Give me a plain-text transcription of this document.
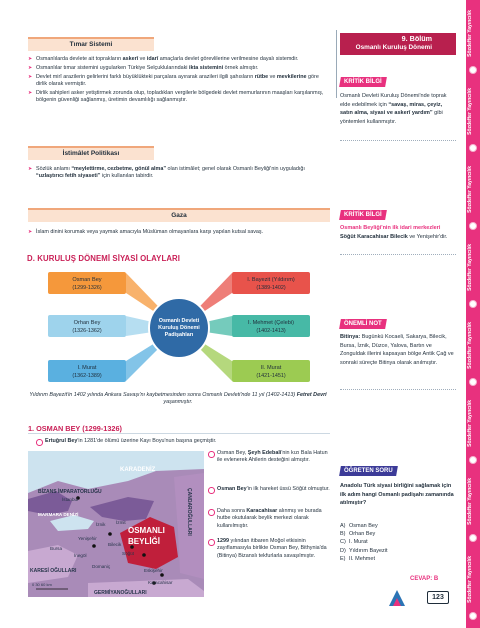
Tımar Sistemi
➤ Osmanlılarda devlete ait toprakların askerî ve idarî amaçlarla devlet görevlilerine verilmesine dayalı sistemdir.
➤ Osmanlılar tımar sistemini uygularken Türkiye Selçuklularındaki ikta sistemini örnek almıştır.
➤ Devlet mirî arazilerin gelirlerini farklı büyüklükteki parçalara ayırarak arazileri ilgili şahısların rütbe ve mevkilerine göre dirlik olarak vermiştir.
➤ Dirlik sahipleri asker yetiştirmek zorunda olup, topladıkları vergilerle bölgedeki devlet memurlarının maaşları karşılanmış, bölgenin güvenliği sağlanmış, üretimin devamlılığı sağlanmıştır.
İstimâlet Politikası
➤ Sözlük anlamı “meylettirme, cezbetme, gönül alma” olan istimâlet; genel olarak Osmanlı Beyliği'nin uyguladığı “uzlaştırıcı fetih siyaseti” için kullanılan tabirdir.
Gaza
➤ İslam dinini korumak veya yaymak amacıyla Müslüman olmayanlara karşı yapılan kutsal savaş.
D. KURULUŞ DÖNEMİ SİYASİ OLAYLARI
Osmanlı Devleti
Kuruluş Dönemi
Padişahları
Osman Bey
(1299-1326)
Orhan Bey
(1326-1362)
I. Murat
(1362-1389)
I. Bayezit (Yıldırım)
(1389-1402)
I. Mehmet (Çelebi)
(1402-1413)
II. Murat
(1421-1451)
Yıldırım Bayezit'in 1402 yılında Ankara Savaşı'nı kaybetmesinden sonra Osmanlı Devleti'nde 11 yıl (1402-1413) Fetret Devri yaşanmıştır.
1. OSMAN BEY (1299-1326)
Ertuğrul Bey'in 1281'de ölümü üzerine Kayı Boyu'nun başına geçmiştir.
KARADENİZ
BİZANS İMPARATORLUĞU
İstanbul
MARMARA DENİZİ
İzmit
İznik
Bursa
Yenişehir
Bilecik
İnegöl	Söğüt
OSMANLI
BEYLİĞİ
Domaniç
Eskişehir
Karacahisar
KARESİ OĞULLARI
GERMİYANOĞULLARI
ÇANDAROĞULLARI
0 30 60 km
Osman Bey, Şeyh Edebali'nin kızı Bala Hatun ile evlenerek Ahilerin desteğini almıştır.
Osman Bey'in ilk hareket üssü Söğüt olmuştur.
Daha sonra Karacahisar alınmış ve burada hutbe okutularak beylik merkezi olarak kullanılmıştır.
1299 yılından itibaren Moğol etkisinin zayıflamasıyla birlikte Osman Bey, Bithynia'da (Bitinya) Bizanslı tekfurlarla savaşılmıştır.
9. Bölüm
Osmanlı Kuruluş Dönemi
KRİTİK BİLGİ
Osmanlı Devleti Kuruluş Dönemi'nde toprak elde edebilmek için “savaş, miras, çeyiz, satın alma, siyasi ve askerî yardım” gibi yöntemleri kullanmıştır.
KRİTİK BİLGİ
Osmanlı Beyliği'nin ilk idari merkezleri Söğüt Karacahisar Bilecik ve Yenişehir'dir.
ÖNEMLİ NOT
Bitinya: Bugünkü Kocaeli, Sakarya, Bilecik, Bursa, İznik, Düzce, Yalova, Bartın ve Zonguldak illerini kapsayan bölge Antik Çağ ve sonraki süreçte Bitinya olarak anılmıştır.
ÖĞRETEN SORU
Anadolu Türk siyasi birliğini sağlamak için ilk adım hangi Osmanlı padişahı zamanında atılmıştır?
A) Osman Bey
B) Orhan Bey
C) I. Murat
D) Yıldırım Bayezit
E) II. Mehmet
CEVAP: B
123
Sözdefter Yayıncılık
Sözdefter Yayıncılık
Sözdefter Yayıncılık
Sözdefter Yayıncılık
Sözdefter Yayıncılık
Sözdefter Yayıncılık
Sözdefter Yayıncılık
Sözdefter Yayıncılık
